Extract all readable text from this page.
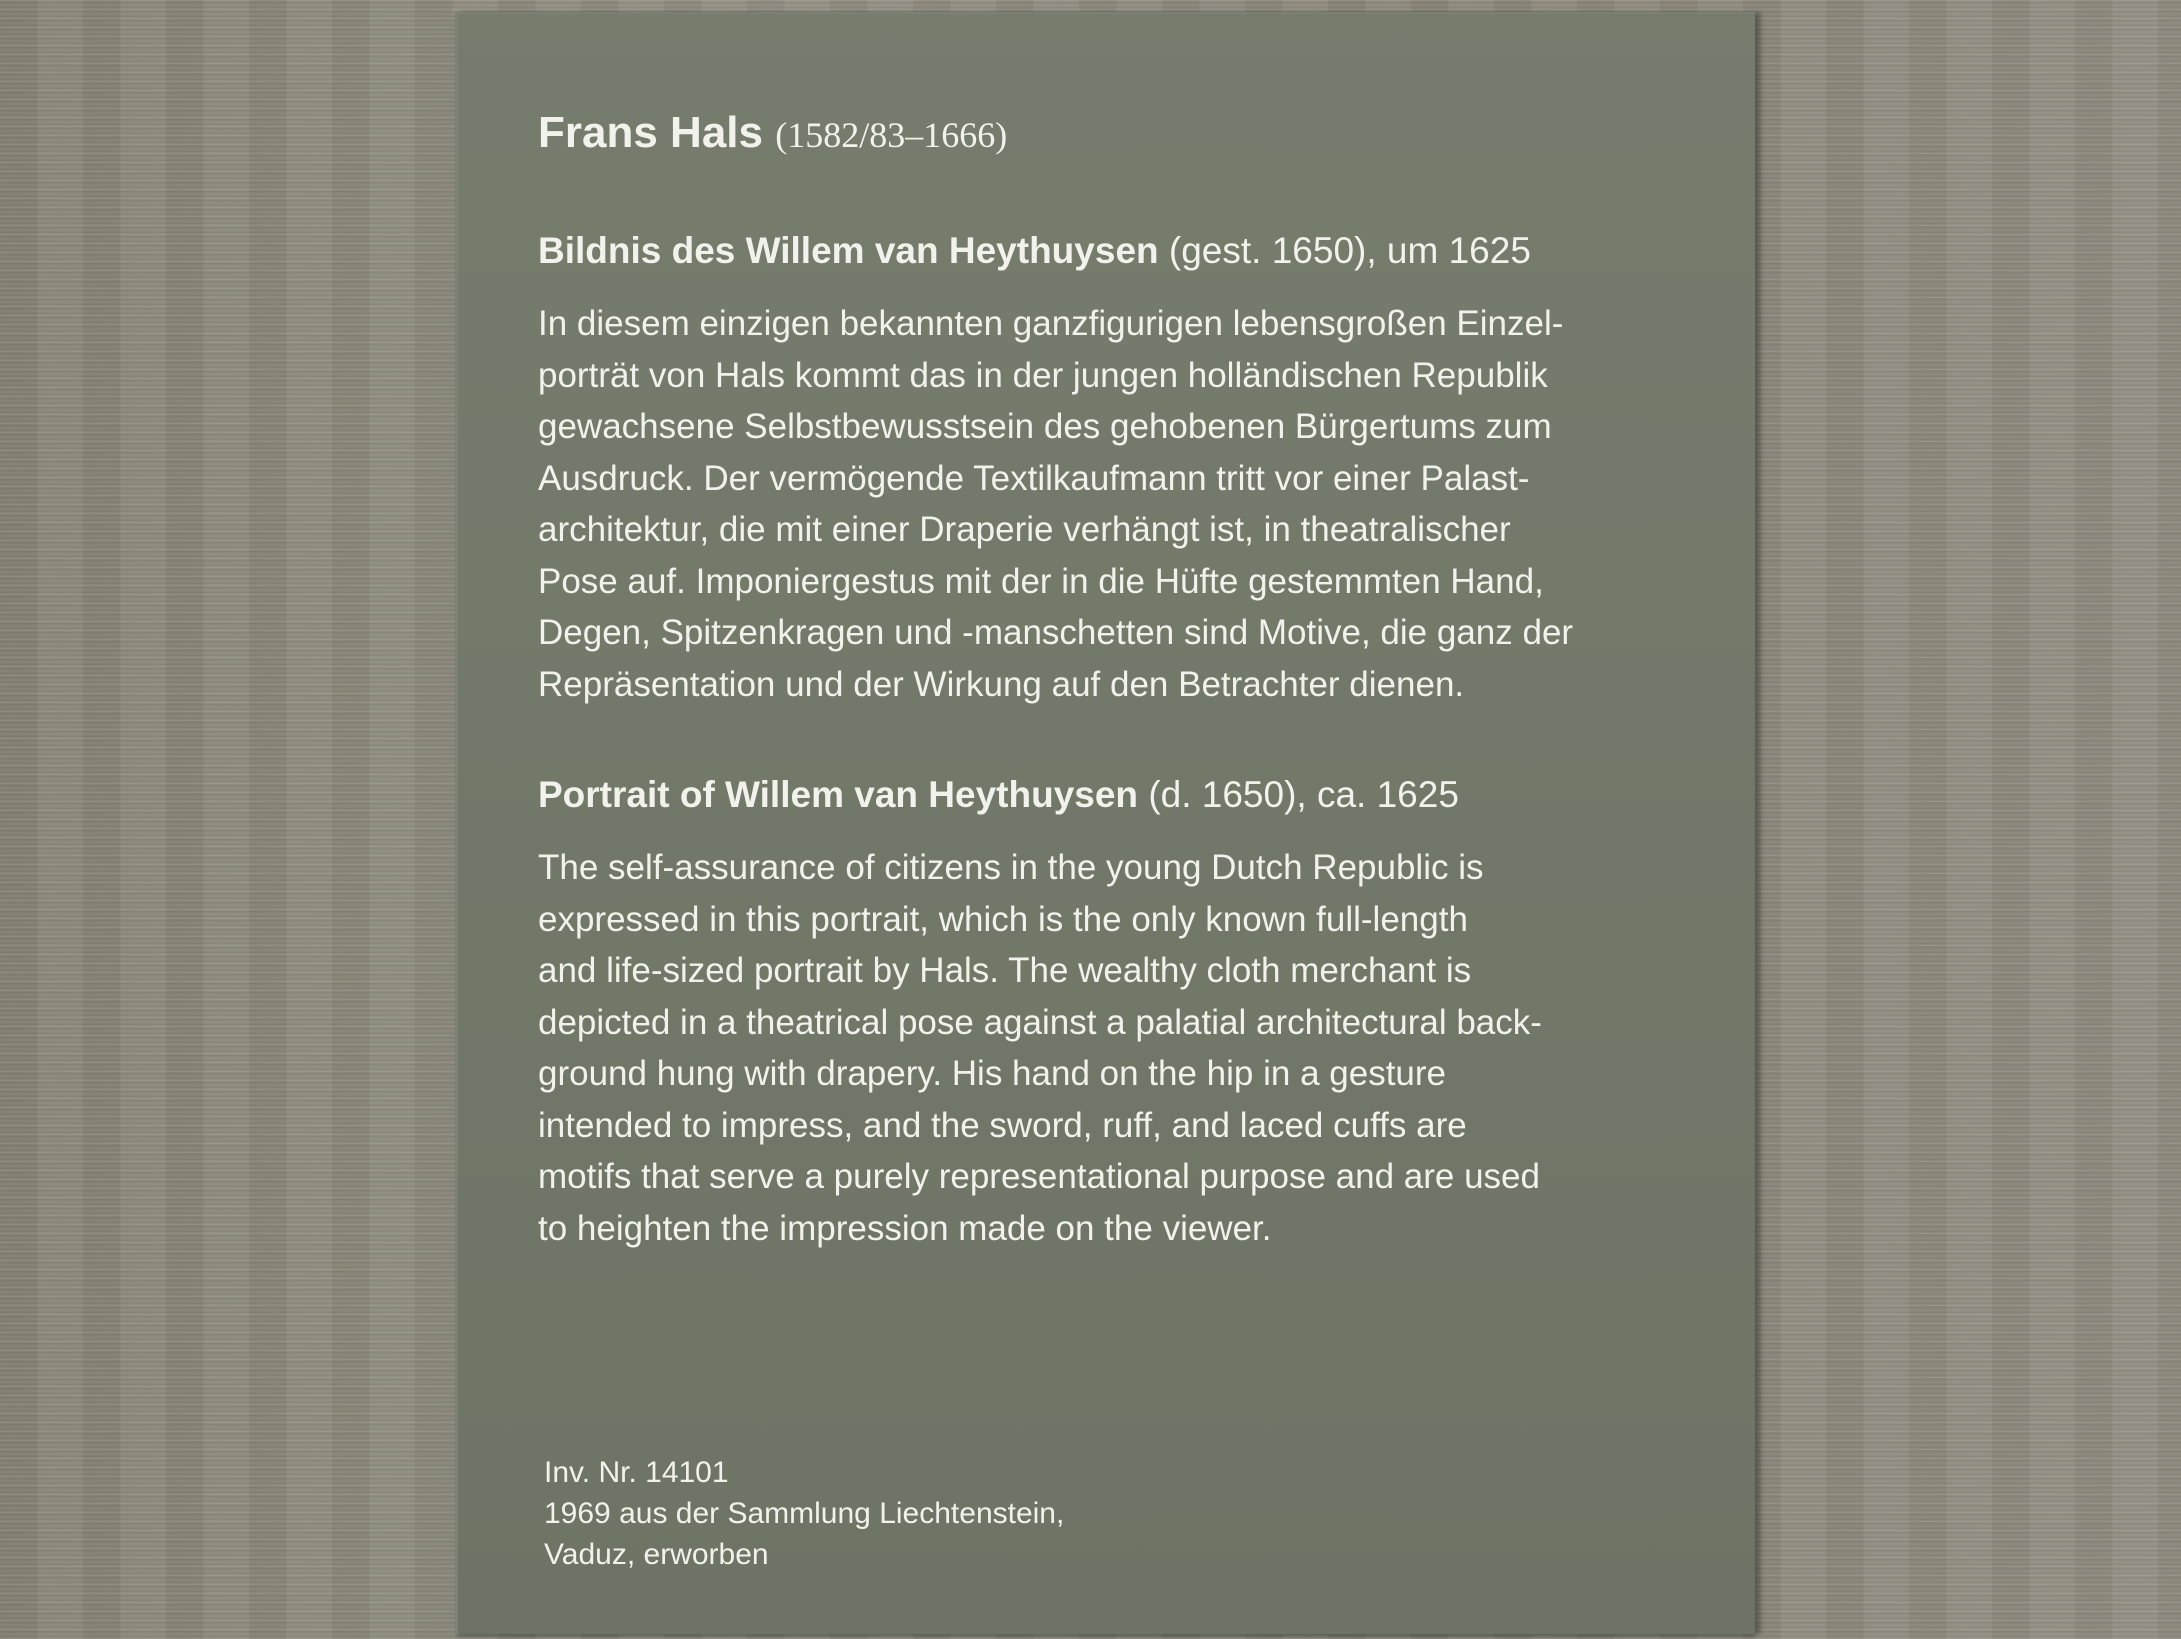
Frans Hals (1582/83–1666)
Bildnis des Willem van Heythuysen (gest. 1650), um 1625
In diesem einzigen bekannten ganzfigurigen lebensgroßen Einzel-
porträt von Hals kommt das in der jungen holländischen Republik
gewachsene Selbstbewusstsein des gehobenen Bürgertums zum
Ausdruck. Der vermögende Textilkaufmann tritt vor einer Palast-
architektur, die mit einer Draperie verhängt ist, in theatralischer
Pose auf. Imponiergestus mit der in die Hüfte gestemmten Hand,
Degen, Spitzenkragen und -manschetten sind Motive, die ganz der
Repräsentation und der Wirkung auf den Betrachter dienen.
Portrait of Willem van Heythuysen (d. 1650), ca. 1625
The self-assurance of citizens in the young Dutch Republic is
expressed in this portrait, which is the only known full-length
and life-sized portrait by Hals. The wealthy cloth merchant is
depicted in a theatrical pose against a palatial architectural back-
ground hung with drapery. His hand on the hip in a gesture
intended to impress, and the sword, ruff, and laced cuffs are
motifs that serve a purely representational purpose and are used
to heighten the impression made on the viewer.
Inv. Nr. 14101
1969 aus der Sammlung Liechtenstein,
Vaduz, erworben
